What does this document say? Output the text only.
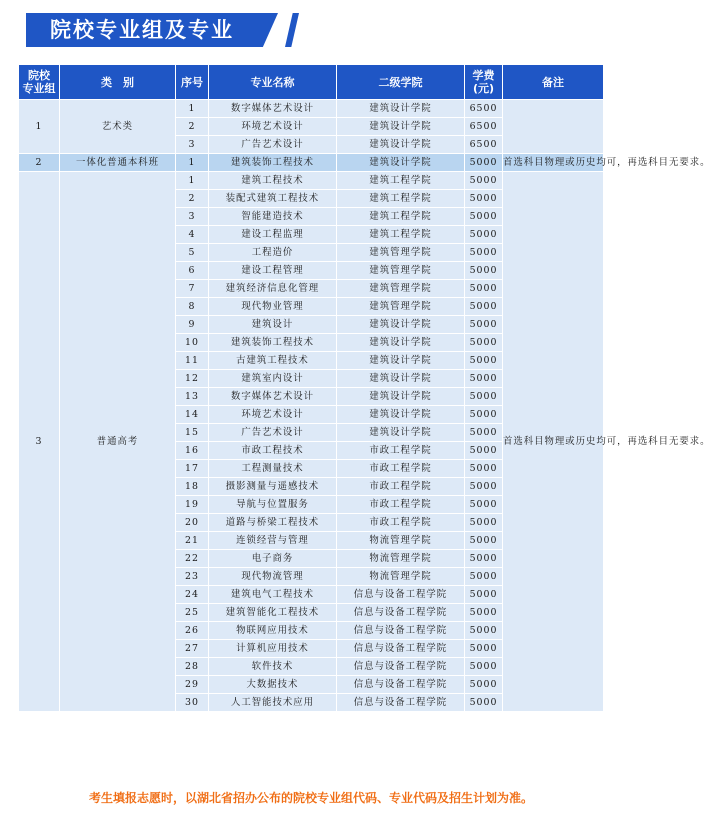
院校专业组及专业
院校
专业组	类　别	序号	专业名称	二级学院	学费
(元)	备注
1	艺术类	1	数字媒体艺术设计	建筑设计学院	6500	
		2	环境艺术设计	建筑设计学院	6500	
		3	广告艺术设计	建筑设计学院	6500	
2	一体化普通本科班	1	建筑装饰工程技术	建筑设计学院	5000	首选科目物理或历史均可，再选科目无要求。
3	普通高考	1	建筑工程技术	建筑工程学院	5000	首选科目物理或历史均可，再选科目无要求。
		2	装配式建筑工程技术	建筑工程学院	5000	
		3	智能建造技术	建筑工程学院	5000	
		4	建设工程监理	建筑工程学院	5000	
		5	工程造价	建筑管理学院	5000	
		6	建设工程管理	建筑管理学院	5000	
		7	建筑经济信息化管理	建筑管理学院	5000	
		8	现代物业管理	建筑管理学院	5000	
		9	建筑设计	建筑设计学院	5000	
		10	建筑装饰工程技术	建筑设计学院	5000	
		11	古建筑工程技术	建筑设计学院	5000	
		12	建筑室内设计	建筑设计学院	5000	
		13	数字媒体艺术设计	建筑设计学院	5000	
		14	环境艺术设计	建筑设计学院	5000	
		15	广告艺术设计	建筑设计学院	5000	
		16	市政工程技术	市政工程学院	5000	
		17	工程测量技术	市政工程学院	5000	
		18	摄影测量与遥感技术	市政工程学院	5000	
		19	导航与位置服务	市政工程学院	5000	
		20	道路与桥梁工程技术	市政工程学院	5000	
		21	连锁经营与管理	物流管理学院	5000	
		22	电子商务	物流管理学院	5000	
		23	现代物流管理	物流管理学院	5000	
		24	建筑电气工程技术	信息与设备工程学院	5000	
		25	建筑智能化工程技术	信息与设备工程学院	5000	
		26	物联网应用技术	信息与设备工程学院	5000	
		27	计算机应用技术	信息与设备工程学院	5000	
		28	软件技术	信息与设备工程学院	5000	
		29	大数据技术	信息与设备工程学院	5000	
		30	人工智能技术应用	信息与设备工程学院	5000	

考生填报志愿时，以湖北省招办公布的院校专业组代码、专业代码及招生计划为准。
